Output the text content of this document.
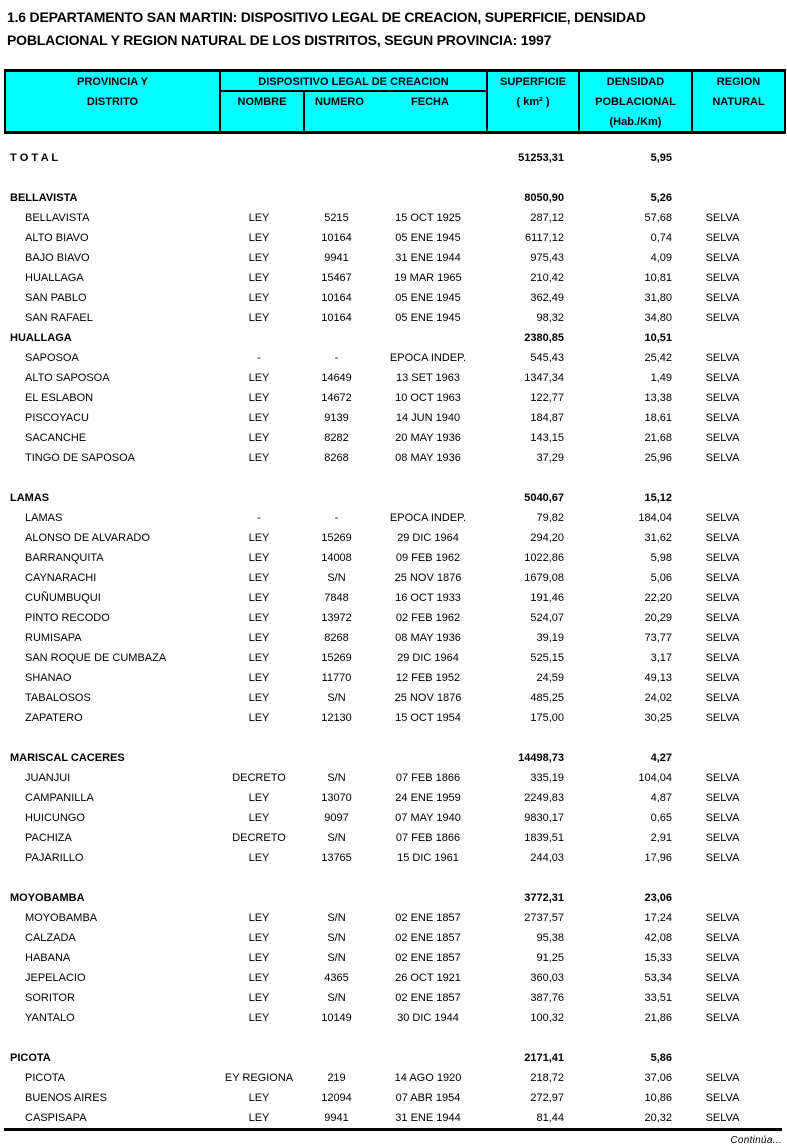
1.6 DEPARTAMENTO SAN MARTIN: DISPOSITIVO LEGAL DE CREACION, SUPERFICIE, DENSIDAD
POBLACIONAL Y REGION NATURAL DE LOS DISTRITOS, SEGUN PROVINCIA: 1997
PROVINCIA Y
DISTRITO
DISPOSITIVO LEGAL DE CREACION
NOMBRE	NUMERO	FECHA
SUPERFICIE
( km² )
DENSIDAD
POBLACIONAL
(Hab./Km)
REGION
NATURAL
T O T A L				51253,31	5,95	

BELLAVISTA				8050,90	5,26	
BELLAVISTA	LEY	5215	15 OCT 1925	287,12	57,68	SELVA
ALTO BIAVO	LEY	10164	05 ENE 1945	6117,12	0,74	SELVA
BAJO BIAVO	LEY	9941	31 ENE 1944	975,43	4,09	SELVA
HUALLAGA	LEY	15467	19 MAR 1965	210,42	10,81	SELVA
SAN PABLO	LEY	10164	05 ENE 1945	362,49	31,80	SELVA
SAN RAFAEL	LEY	10164	05 ENE 1945	98,32	34,80	SELVA
HUALLAGA				2380,85	10,51	
SAPOSOA	-	-	EPOCA INDEP.	545,43	25,42	SELVA
ALTO SAPOSOA	LEY	14649	13 SET 1963	1347,34	1,49	SELVA
EL ESLABON	LEY	14672	10 OCT 1963	122,77	13,38	SELVA
PISCOYACU	LEY	9139	14 JUN 1940	184,87	18,61	SELVA
SACANCHE	LEY	8282	20 MAY 1936	143,15	21,68	SELVA
TINGO DE SAPOSOA	LEY	8268	08 MAY 1936	37,29	25,96	SELVA

LAMAS				5040,67	15,12	
LAMAS	-	-	EPOCA INDEP.	79,82	184,04	SELVA
ALONSO DE ALVARADO	LEY	15269	29 DIC 1964	294,20	31,62	SELVA
BARRANQUITA	LEY	14008	09 FEB 1962	1022,86	5,98	SELVA
CAYNARACHI	LEY	S/N	25 NOV 1876	1679,08	5,06	SELVA
CUÑUMBUQUI	LEY	7848	16 OCT 1933	191,46	22,20	SELVA
PINTO RECODO	LEY	13972	02 FEB 1962	524,07	20,29	SELVA
RUMISAPA	LEY	8268	08 MAY 1936	39,19	73,77	SELVA
SAN ROQUE DE CUMBAZA	LEY	15269	29 DIC 1964	525,15	3,17	SELVA
SHANAO	LEY	11770	12 FEB 1952	24,59	49,13	SELVA
TABALOSOS	LEY	S/N	25 NOV 1876	485,25	24,02	SELVA
ZAPATERO	LEY	12130	15 OCT 1954	175,00	30,25	SELVA

MARISCAL CACERES				14498,73	4,27	
JUANJUI	DECRETO	S/N	07 FEB 1866	335,19	104,04	SELVA
CAMPANILLA	LEY	13070	24 ENE 1959	2249,83	4,87	SELVA
HUICUNGO	LEY	9097	07 MAY 1940	9830,17	0,65	SELVA
PACHIZA	DECRETO	S/N	07 FEB 1866	1839,51	2,91	SELVA
PAJARILLO	LEY	13765	15 DIC 1961	244,03	17,96	SELVA

MOYOBAMBA				3772,31	23,06	
MOYOBAMBA	LEY	S/N	02 ENE 1857	2737,57	17,24	SELVA
CALZADA	LEY	S/N	02 ENE 1857	95,38	42,08	SELVA
HABANA	LEY	S/N	02 ENE 1857	91,25	15,33	SELVA
JEPELACIO	LEY	4365	26 OCT 1921	360,03	53,34	SELVA
SORITOR	LEY	S/N	02 ENE 1857	387,76	33,51	SELVA
YANTALO	LEY	10149	30 DIC 1944	100,32	21,86	SELVA

PICOTA				2171,41	5,86	
PICOTA	EY REGIONA	219	14 AGO 1920	218,72	37,06	SELVA
BUENOS AIRES	LEY	12094	07 ABR 1954	272,97	10,86	SELVA
CASPISAPA	LEY	9941	31 ENE 1944	81,44	20,32	SELVA
Continúa...
